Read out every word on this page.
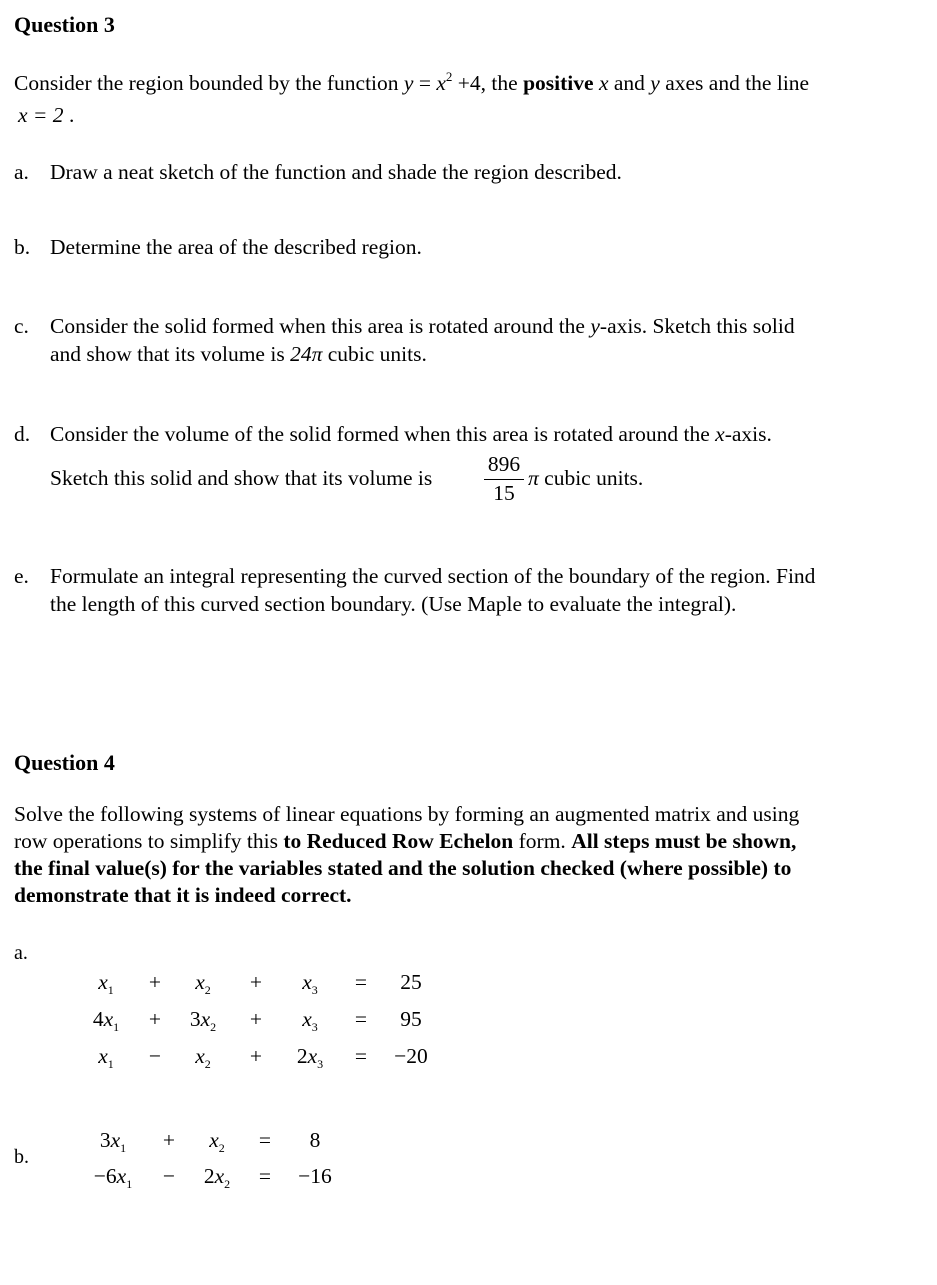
Question 3
Consider the region bounded by the function $y = x^2 +4$, the positive x and y axes and the line
x = 2 .
a. Draw a neat sketch of the function and shade the region described.
b. Determine the area of the described region.
c. Consider the solid formed when this area is rotated around the y-axis. Sketch this solid
and show that its volume is 24π cubic units.
d. Consider the volume of the solid formed when this area is rotated around the x-axis.
Sketch this solid and show that its volume is
896
15
π cubic units.
e. Formulate an integral representing the curved section of the boundary of the region. Find
the length of this curved section boundary. (Use Maple to evaluate the integral).
Question 4
Solve the following systems of linear equations by forming an augmented matrix and using
row operations to simplify this to Reduced Row Echelon form. All steps must be shown,
the final value(s) for the variables stated and the solution checked (where possible) to
demonstrate that it is indeed correct.
a.
$x_1$	+	$x_2$	+	$x_3$	=	25
$4x_1$	+	$3x_2$	+	$x_3$	=	95
$x_1$	−	$x_2$	+	$2x_3$	=	−20
b.
$3x_1$	+	$x_2$	=	8
$-6x_1$	−	$2x_2$	=	−16
